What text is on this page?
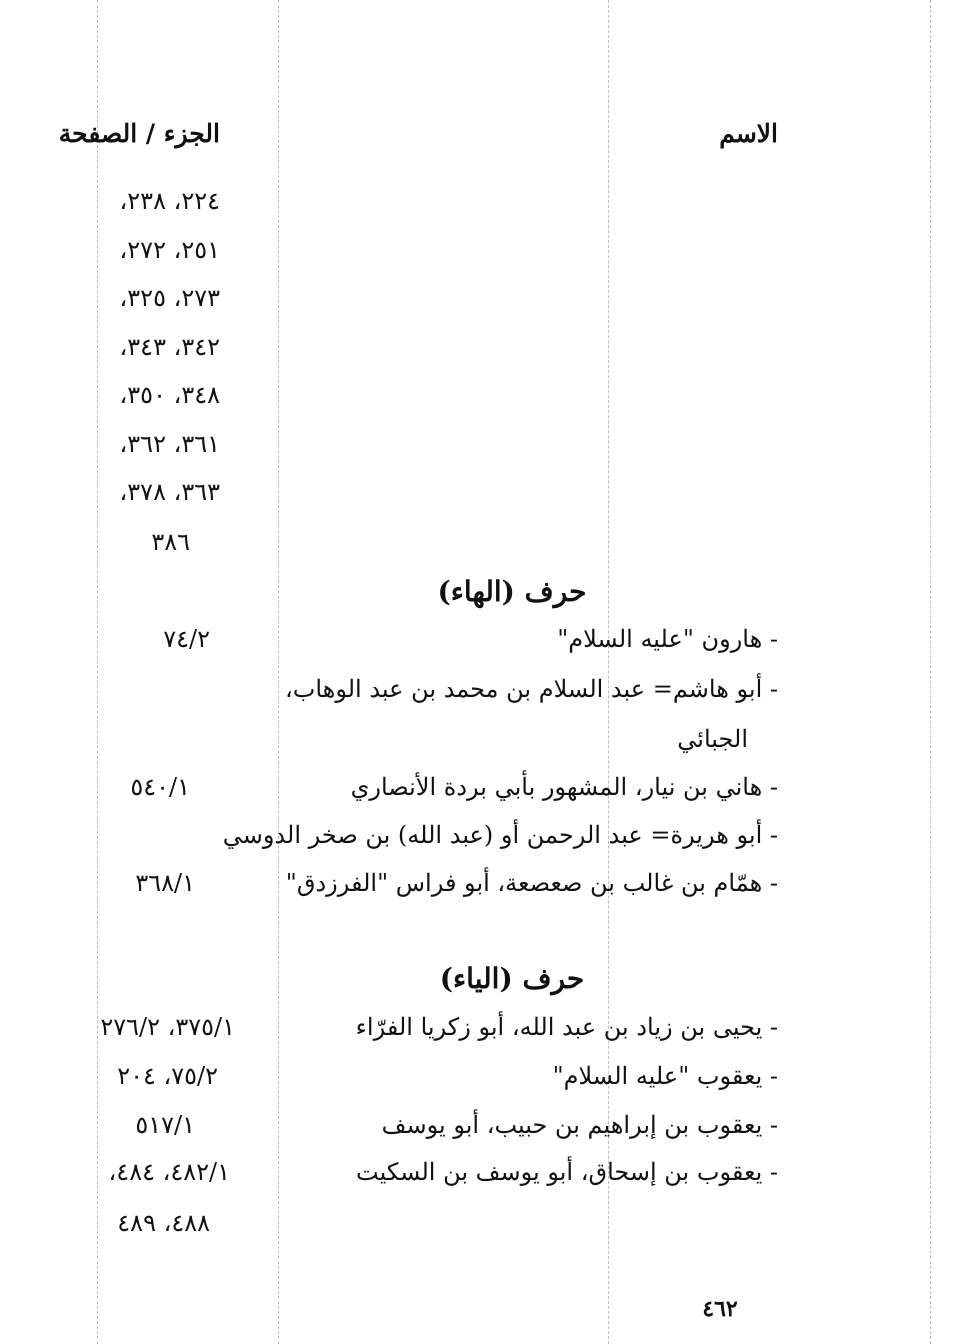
الاسم
الجزء / الصفحة
٢٢٤، ٢٣٨،
٢٥١، ٢٧٢،
٢٧٣، ٣٢٥،
٣٤٢، ٣٤٣،
٣٤٨، ٣٥٠،
٣٦١، ٣٦٢،
٣٦٣، ٣٧٨،
٣٨٦
حرف (الهاء)
- هارون "عليه السلام"
٧٤/٢
- أبو هاشم= عبد السلام بن محمد بن عبد الوهاب،
الجبائي
- هاني بن نيار، المشهور بأبي بردة الأنصاري
٥٤٠/١
- أبو هريرة= عبد الرحمن أو (عبد الله) بن صخر الدوسي
- همّام بن غالب بن صعصعة، أبو فراس "الفرزدق"
٣٦٨/١
حرف (الياء)
- يحيى بن زياد بن عبد الله، أبو زكريا الفرّاء
٣٧٥/١، ٢٧٦/٢
- يعقوب "عليه السلام"
٧٥/٢، ٢٠٤
- يعقوب بن إبراهيم بن حبيب، أبو يوسف
٥١٧/١
- يعقوب بن إسحاق، أبو يوسف بن السكيت
٤٨٢/١، ٤٨٤،
٤٨٨، ٤٨٩
٤٦٢
